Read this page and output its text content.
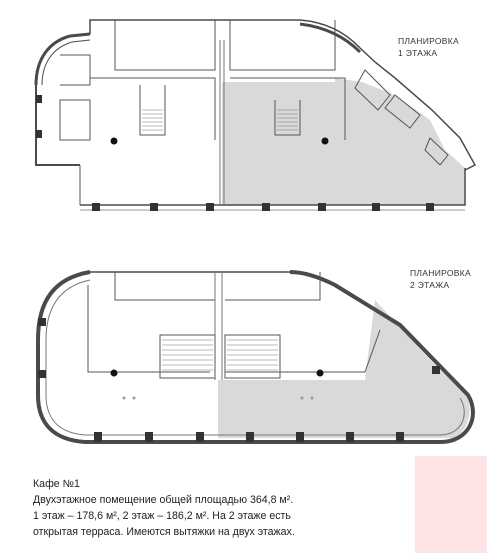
ПЛАНИРОВКА
1 ЭТАЖА
ПЛАНИРОВКА
2 ЭТАЖА
Кафе №1
Двухэтажное помещение общей площадью 364,8 м².
1 этаж – 178,6 м², 2 этаж – 186,2 м². На 2 этаже есть
открытая терраса. Имеются вытяжки на двух этажах.
